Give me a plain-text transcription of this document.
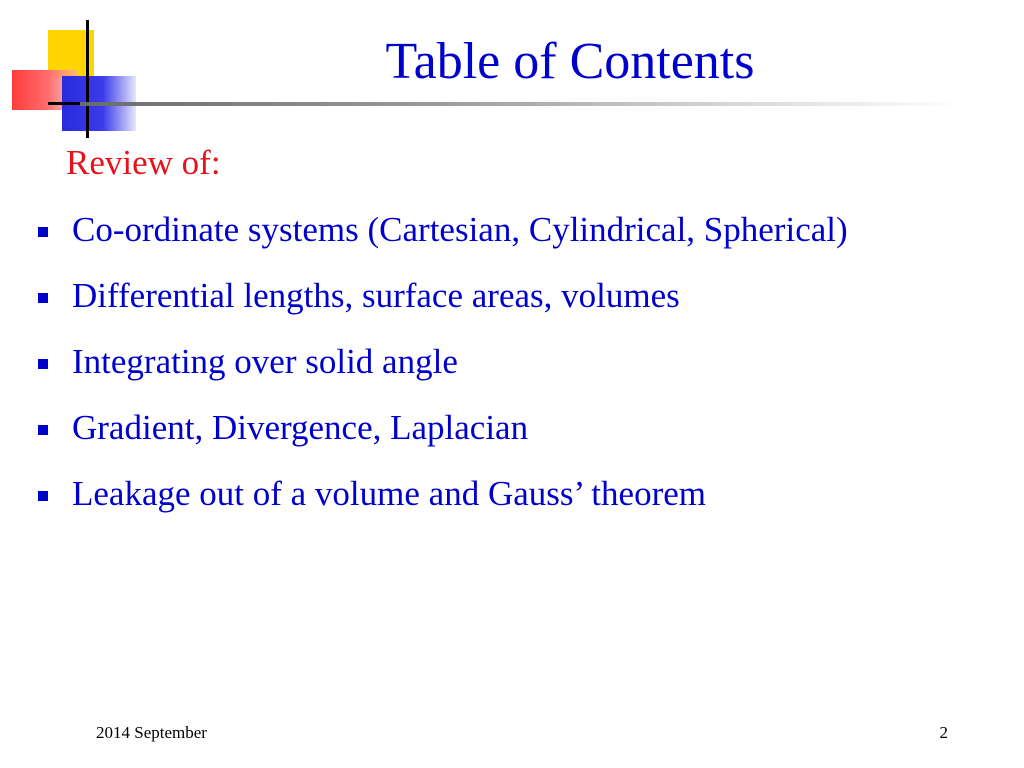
Table of Contents
Review of:
Co-ordinate systems (Cartesian, Cylindrical, Spherical)
Differential lengths, surface areas, volumes
Integrating over solid angle
Gradient, Divergence, Laplacian
Leakage out of a volume and Gauss’ theorem
2014 September	2
